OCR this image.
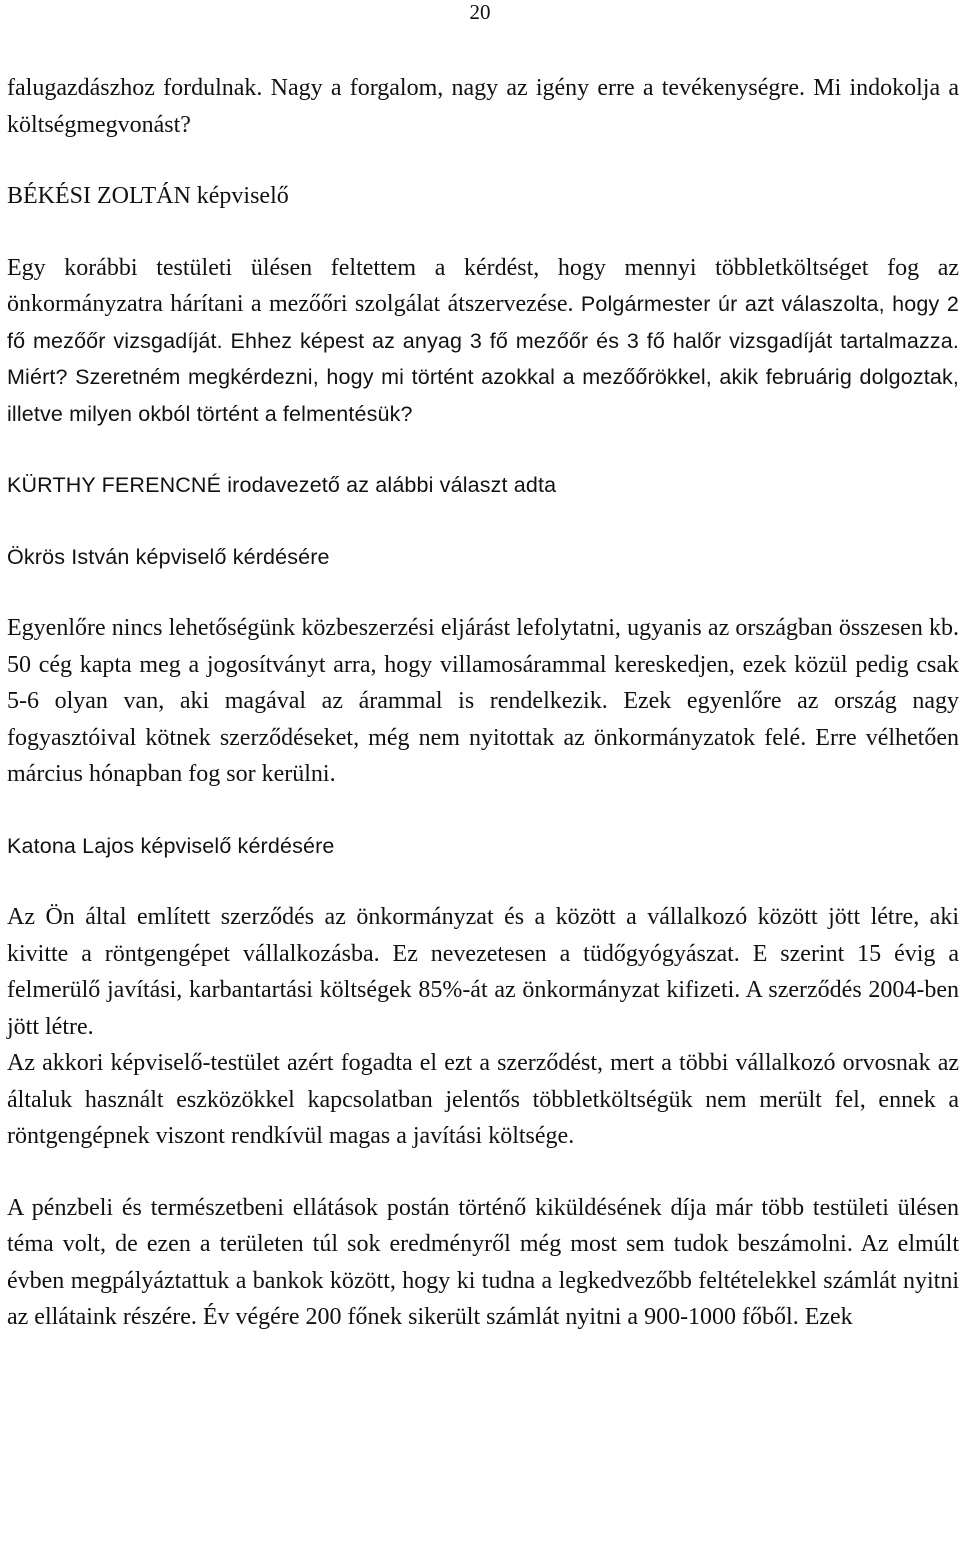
20

falugazdászhoz fordulnak. Nagy a forgalom, nagy az igény erre a tevékenységre. Mi indokolja a költségmegvonást?

BÉKÉSI ZOLTÁN képviselő

Egy korábbi testületi ülésen feltettem a kérdést, hogy mennyi többletköltséget fog az önkormányzatra hárítani a mezőőri szolgálat átszervezése. Polgármester úr azt válaszolta, hogy 2 fő mezőőr vizsgadíját. Ehhez képest az anyag 3 fő mezőőr és 3 fő halőr vizsgadíját tartalmazza. Miért? Szeretném megkérdezni, hogy mi történt azokkal a mezőőrökkel, akik februárig dolgoztak, illetve milyen okból történt a felmentésük?

KÜRTHY FERENCNÉ irodavezető az alábbi választ adta

Ökrös István képviselő kérdésére

Egyenlőre nincs lehetőségünk közbeszerzési eljárást lefolytatni, ugyanis az országban összesen kb. 50 cég kapta meg a jogosítványt arra, hogy villamosárammal kereskedjen, ezek közül pedig csak 5-6 olyan van, aki magával az árammal is rendelkezik. Ezek egyenlőre az ország nagy fogyasztóival kötnek szerződéseket, még nem nyitottak az önkormányzatok felé. Erre vélhetően március hónapban fog sor kerülni.

Katona Lajos képviselő kérdésére

Az Ön által említett szerződés az önkormányzat és a között a vállalkozó között jött létre, aki kivitte a röntgengépet vállalkozásba. Ez nevezetesen a tüdőgyógyászat. E szerint 15 évig a felmerülő javítási, karbantartási költségek 85%-át az önkormányzat kifizeti. A szerződés 2004-ben jött létre.

Az akkori képviselő-testület azért fogadta el ezt a szerződést, mert a többi vállalkozó orvosnak az általuk használt eszközökkel kapcsolatban jelentős többletköltségük nem merült fel, ennek a röntgengépnek viszont rendkívül magas a javítási költsége.

A pénzbeli és természetbeni ellátások postán történő kiküldésének díja már több testületi ülésen téma volt, de ezen a területen túl sok eredményről még most sem tudok beszámolni. Az elmúlt évben megpályáztattuk a bankok között, hogy ki tudna a legkedvezőbb feltételekkel számlát nyitni az ellátaink részére. Év végére 200 főnek sikerült számlát nyitni a 900-1000 főből. Ezek
